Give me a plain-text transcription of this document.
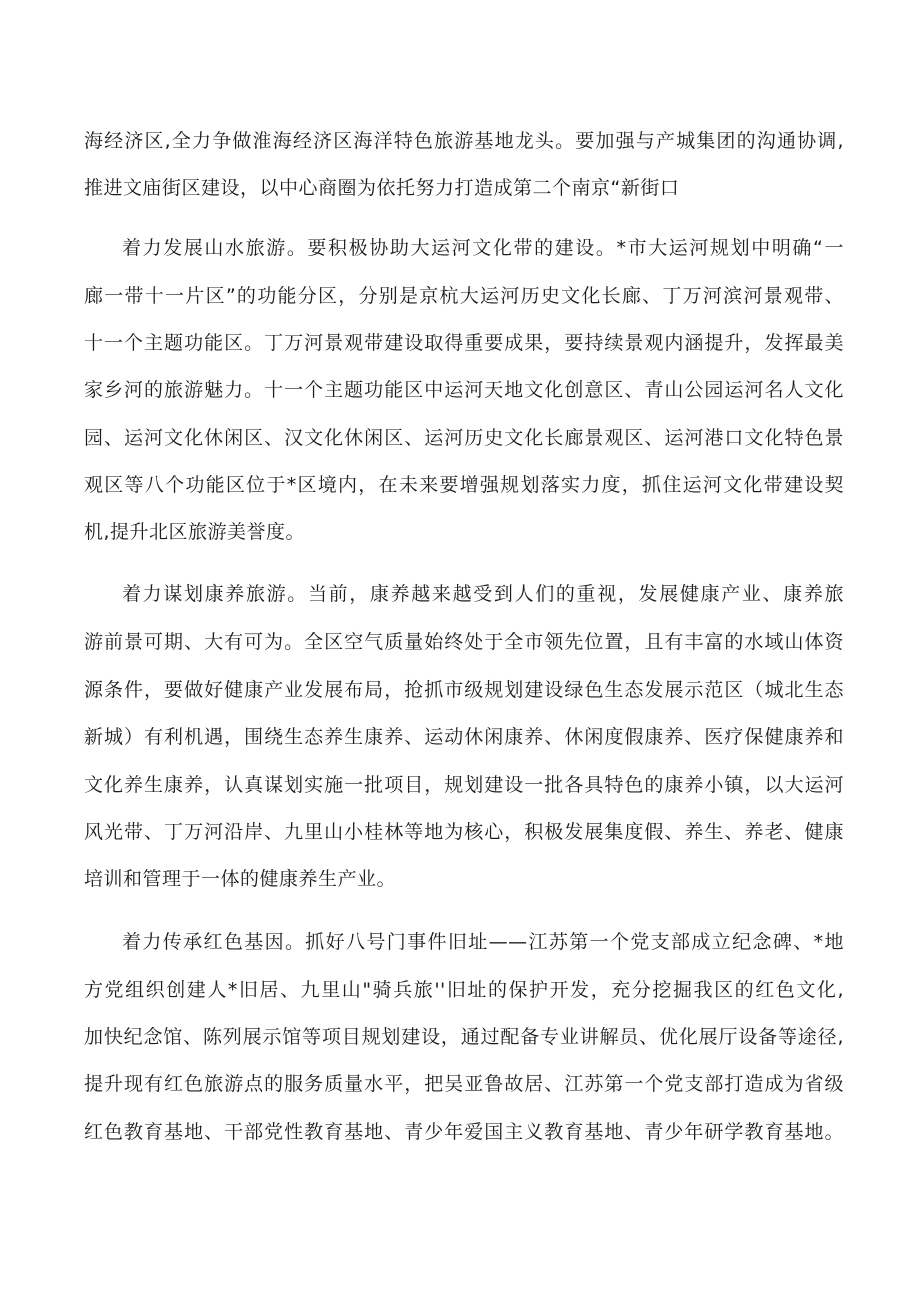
海经济区,全力争做淮海经济区海洋特色旅游基地龙头。要加强与产城集团的沟通协调,
推进文庙街区建设，以中心商圈为依托努力打造成第二个南京“新街口
着力发展山水旅游。要积极协助大运河文化带的建设。*市大运河规划中明确“一
廊一带十一片区”的功能分区，分别是京杭大运河历史文化长廊、丁万河滨河景观带、
十一个主题功能区。丁万河景观带建设取得重要成果，要持续景观内涵提升，发挥最美
家乡河的旅游魅力。十一个主题功能区中运河天地文化创意区、青山公园运河名人文化
园、运河文化休闲区、汉文化休闲区、运河历史文化长廊景观区、运河港口文化特色景
观区等八个功能区位于*区境内，在未来要增强规划落实力度，抓住运河文化带建设契
机,提升北区旅游美誉度。
着力谋划康养旅游。当前，康养越来越受到人们的重视，发展健康产业、康养旅
游前景可期、大有可为。全区空气质量始终处于全市领先位置，且有丰富的水域山体资
源条件，要做好健康产业发展布局，抢抓市级规划建设绿色生态发展示范区（城北生态
新城）有利机遇，围绕生态养生康养、运动休闲康养、休闲度假康养、医疗保健康养和
文化养生康养，认真谋划实施一批项目，规划建设一批各具特色的康养小镇，以大运河
风光带、丁万河沿岸、九里山小桂林等地为核心，积极发展集度假、养生、养老、健康
培训和管理于一体的健康养生产业。
着力传承红色基因。抓好八号门事件旧址——江苏第一个党支部成立纪念碑、*地
方党组织创建人*旧居、九里山"骑兵旅''旧址的保护开发，充分挖掘我区的红色文化,
加快纪念馆、陈列展示馆等项目规划建设，通过配备专业讲解员、优化展厅设备等途径,
提升现有红色旅游点的服务质量水平，把吴亚鲁故居、江苏第一个党支部打造成为省级
红色教育基地、干部党性教育基地、青少年爱国主义教育基地、青少年研学教育基地。
